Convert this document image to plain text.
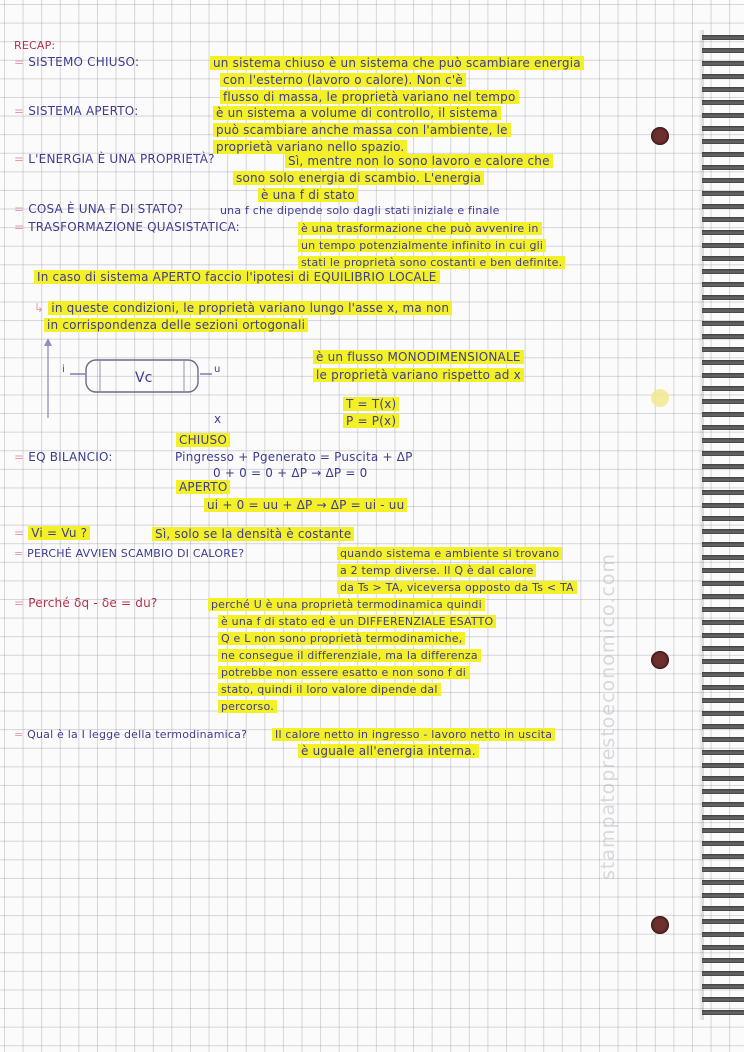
stampatoprestoeconomico.com
RECAP:
= SISTEMO CHIUSO:	un sistema chiuso è un sistema che può scambiare energia
con l'esterno (lavoro o calore). Non c'è
flusso di massa, le proprietà variano nel tempo
= SISTEMA APERTO:	è un sistema a volume di controllo, il sistema
può scambiare anche massa con l'ambiente, le
proprietà variano nello spazio.
= L'ENERGIA È UNA PROPRIETÀ?	Sì, mentre non lo sono lavoro e calore che
sono solo energia di scambio. L'energia
è una f di stato
= COSA È UNA F DI STATO?	una f che dipende solo dagli stati iniziale e finale
= TRASFORMAZIONE QUASISTATICA:	è una trasformazione che può avvenire in
un tempo potenzialmente infinito in cui gli
stati le proprietà sono costanti e ben definite.
In caso di sistema APERTO faccio l'ipotesi di EQUILIBRIO LOCALE
↳ in queste condizioni, le proprietà variano lungo l'asse x, ma non
in corrispondenza delle sezioni ortogonali
Vc
i	u
x
è un flusso MONODIMENSIONALE
le proprietà variano rispetto ad x
T = T(x)
P = P(x)
CHIUSO
= EQ BILANCIO:	Pingresso + Pgenerato = Puscita + ΔP
0 + 0 = 0 + ΔP → ΔP = 0
APERTO
ui + 0 = uu + ΔP → ΔP = ui - uu
= Vi = Vu ?	Sì, solo se la densità è costante
= PERCHÉ AVVIEN SCAMBIO DI CALORE?	quando sistema e ambiente si trovano
a 2 temp diverse. Il Q è dal calore
da Ts > TA, viceversa opposto da Ts < TA
= Perché δq - δe = du?	perché U è una proprietà termodinamica quindi
è una f di stato ed è un DIFFERENZIALE ESATTO
Q e L non sono proprietà termodinamiche,
ne consegue il differenziale, ma la differenza
potrebbe non essere esatto e non sono f di
stato, quindi il loro valore dipende dal
percorso.
= Qual è la I legge della termodinamica?	Il calore netto in ingresso - lavoro netto in uscita
è uguale all'energia interna.
